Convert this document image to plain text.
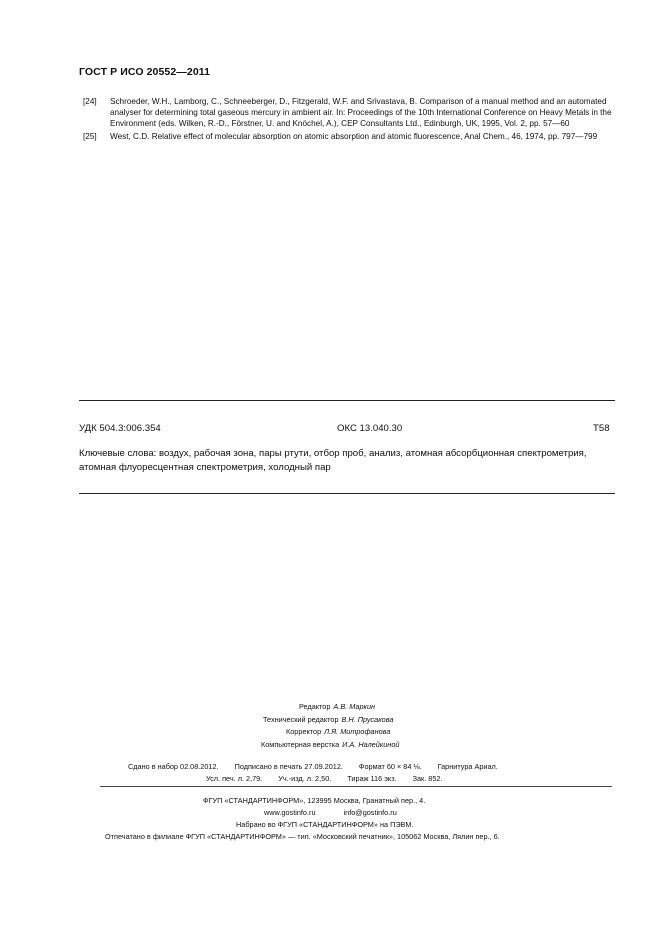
ГОСТ Р ИСО 20552—2011
[24] Schroeder, W.H., Lamborg, C., Schneeberger, D., Fitzgerald, W.F. and Srivastava, B. Comparison of a manual method and an automated analyser for determining total gaseous mercury in ambient air. In: Proceedings of the 10th International Conference on Heavy Metals in the Environment (eds. Wilken, R.-D., Förstner, U. and Knöchel, A.), CEP Consultants Ltd., Edinburgh, UK, 1995, Vol. 2, pp. 57—60
[25] West, C.D. Relative effect of molecular absorption on atomic absorption and atomic fluorescence, Anal Chem., 46, 1974, pp. 797—799
УДК 504.3:006.354	ОКС 13.040.30	Т58
Ключевые слова: воздух, рабочая зона, пары ртути, отбор проб, анализ, атомная абсорбционная спектрометрия, атомная флуоресцентная спектрометрия, холодный пар
Редактор А.В. Маркин
Технический редактор В.Н. Прусакова
Корректор Л.Я. Митрофанова
Компьютерная верстка И.А. Налейкиной
Сдано в набор 02.08.2012. Подписано в печать 27.09.2012. Формат 60 × 84 ⅛. Гарнитура Ариал.
Усл. печ. л. 2,79. Уч.-изд. л. 2,50. Тираж 116 экз. Зак. 852.
ФГУП «СТАНДАРТИНФОРМ», 123995 Москва, Гранатный пер., 4.
www.gostinfo.ru	info@gostinfo.ru
Набрано во ФГУП «СТАНДАРТИНФОРМ» на ПЭВМ.
Отпечатано в филиале ФГУП «СТАНДАРТИНФОРМ» — тип. «Московский печатник», 105062 Москва, Лялин пер., 6.
